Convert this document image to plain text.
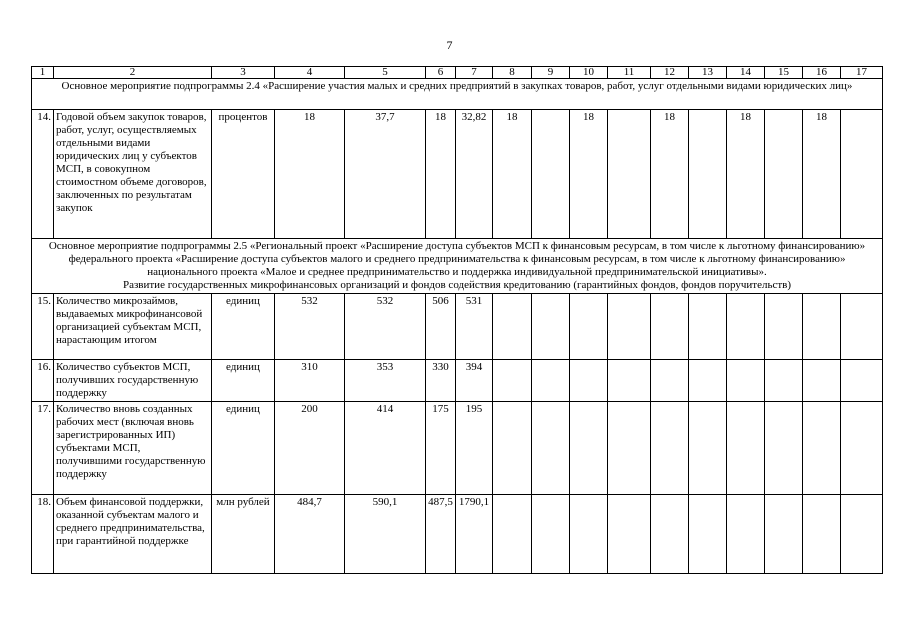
7
1	2	3	4	5	6	7	8	9	10	11	12	13	14	15	16	17

Основное мероприятие подпрограммы 2.4 «Расширение участия малых и средних предприятий в закупках товаров, работ, услуг отдельными видами юридических лиц»																

14.	Годовой объем закупок товаров, работ, услуг, осуществляемых отдельными видами юридических лиц у субъектов МСП, в совокупном стоимостном объеме договоров, заключенных по результатам закупок	процентов	18	37,7	18	32,82	18		18		18		18		18	

Основное мероприятие подпрограммы 2.5 «Региональный проект «Расширение доступа субъектов МСП к финансовым ресурсам, в том числе к льготному финансированию» федерального проекта «Расширение доступа субъектов малого и среднего предпринимательства к финансовым ресурсам, в том числе к льготному финансированию» национального проекта «Малое и среднее предпринимательство и поддержка индивидуальной предпринимательской инициативы».
Развитие государственных микрофинансовых организаций и фондов содействия кредитованию (гарантийных фондов, фондов поручительств)																

15.	Количество микрозаймов, выдаваемых микрофинансовой организацией субъектам МСП, нарастающим итогом	единиц	532	532	506	531										
16.	Количество субъектов МСП, получивших государственную поддержку	единиц	310	353	330	394										
17.	Количество вновь созданных рабочих мест (включая вновь зарегистрированных ИП) субъектами МСП, получившими государственную поддержку	единиц	200	414	175	195										
18.	Объем финансовой поддержки, оказанной субъектам малого и среднего предпринимательства, при гарантийной поддержке	млн рублей	484,7	590,1	487,5	1790,1										
